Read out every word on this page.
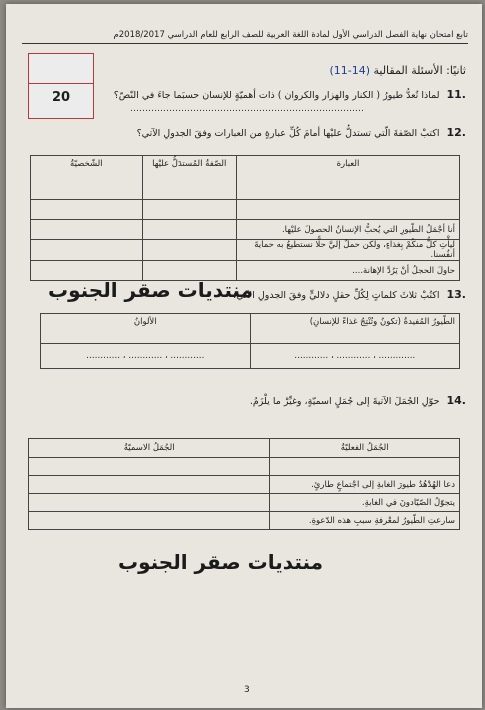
تابع امتحان نهاية الفصل الدراسي الأول لمادة اللغة العربية للصف الرابع للعام الدراسي 2018/2017م
20
ثانيًا: الأسئلة المقالية (11-14)
11. لماذا تُعدُّ طيورُ ( الكنار والهزار والكروان ) ذات أهميّةٍ للإنسان حسبَما جاءَ في النّصّ؟
……………………………………………………………………
12. اكتبْ الصّفةَ الّتي تستدلُّ عليْها أمامَ كُلِّ عبارةٍ من العبارات وفقَ الجدولِ الآتي؟
العبارة	الصّفةُ المُستدَلُّ عليْها	الشّخصيّةُ

أنا أجْمَلُ الطّيورِ التي يُحبُّ الإنسانُ الحصولَ عليْها.		
ليأْتِ كلُّ منكُمْ بِغذاءٍ، ولكن حملٌ إليَّ حلًّا نستطيعُ به حمايةَ أنفُسنا.		
حاولَ الحجلُ أنْ يَرُدَّ الإهانة....		
13. اكتُبْ ثلاثَ كلماتٍ لِكُلِّ حقلٍ دلاليٍّ وفقَ الجدولِ الآتي:
منتديات صقر الجنوب
الطّيورُ المُفيدةُ (تكونُ وتُنْتِجُ غذاءً للإنسانِ)	الألوانُ
.………… ، ………… ، …………	………… ، ………… ، …………
14. حوّلِ الجُمَلَ الآتيةَ إلى جُمَلٍ اسميّةٍ، وغيِّرْ ما يلْزَمُ.
الجُمَلُ الفعليّةُ	الجُمَلُ الاسميّةُ

دعا الهُدْهُدُ طيورَ الغابةِ إلى اجْتماعٍ طارئٍ.	
يتجوّلُ الصّيّادونَ في الغابةِ.	
سارعتِ الطّيورُ لمعْرفةِ سببِ هذه الدّعوةِ.	
منتديات صقر الجنوب
3
